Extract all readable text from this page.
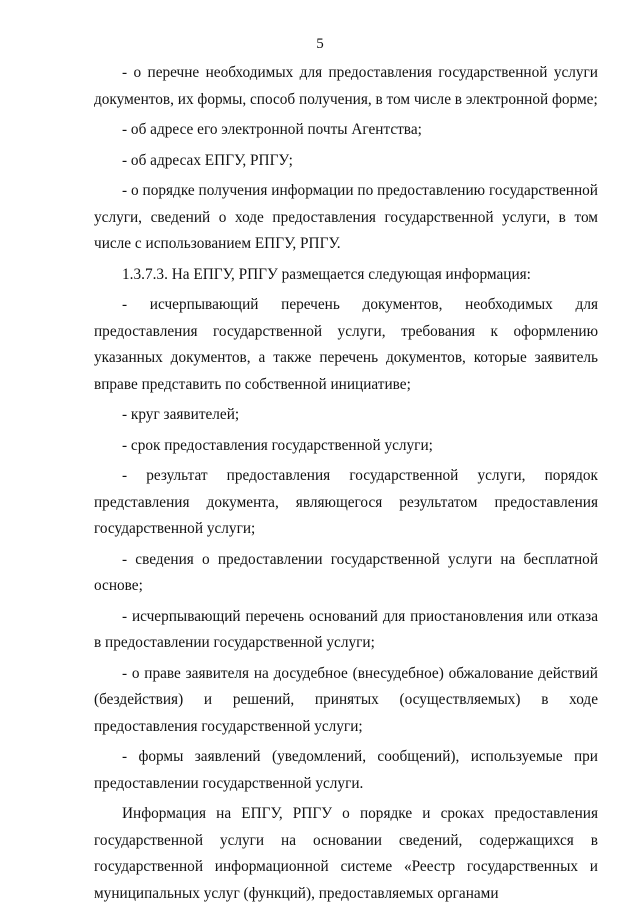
5

- о перечне необходимых для предоставления государственной услуги документов, их формы, способ получения, в том числе в электронной форме;

- об адресе его электронной почты Агентства;

- об адресах ЕПГУ, РПГУ;

- о порядке получения информации по предоставлению государственной услуги, сведений о ходе предоставления государственной услуги, в том числе с использованием ЕПГУ, РПГУ.

1.3.7.3. На ЕПГУ, РПГУ размещается следующая информация:

- исчерпывающий перечень документов, необходимых для предоставления государственной услуги, требования к оформлению указанных документов, а также перечень документов, которые заявитель вправе представить по собственной инициативе;

- круг заявителей;

- срок предоставления государственной услуги;

- результат предоставления государственной услуги, порядок представления документа, являющегося результатом предоставления государственной услуги;

- сведения о предоставлении государственной услуги на бесплатной основе;

- исчерпывающий перечень оснований для приостановления или отказа в предоставлении государственной услуги;

- о праве заявителя на досудебное (внесудебное) обжалование действий (бездействия) и решений, принятых (осуществляемых) в ходе предоставления государственной услуги;

- формы заявлений (уведомлений, сообщений), используемые при предоставлении государственной услуги.

Информация на ЕПГУ, РПГУ о порядке и сроках предоставления государственной услуги на основании сведений, содержащихся в государственной информационной системе «Реестр государственных и муниципальных услуг (функций), предоставляемых органами
